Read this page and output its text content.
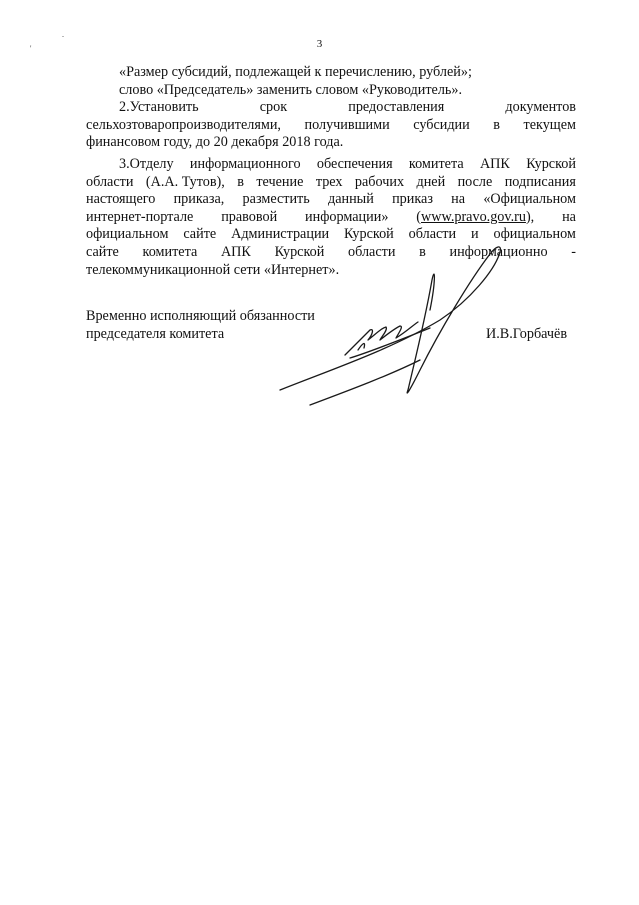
'
.
3
«Размер субсидий, подлежащей к перечислению, рублей»;
слово «Председатель» заменить словом «Руководитель».
2.Установить	срок	предоставления	документов
сельхозтоваропроизводителями, получившими субсидии в текущем
финансовом году, до 20 декабря 2018 года.
3.Отделу информационного обеспечения комитета АПК Курской
области (А.А. Тутов), в течение трех рабочих дней после подписания
настоящего приказа, разместить данный приказ на «Официальном
интернет-портале правовой информации» (www.pravo.gov.ru), на
официальном сайте Администрации Курской области и официальном
сайте комитета АПК Курской области в информационно -
телекоммуникационной сети «Интернет».
Временно исполняющий обязанности
председателя комитета	И.В.Горбачёв
